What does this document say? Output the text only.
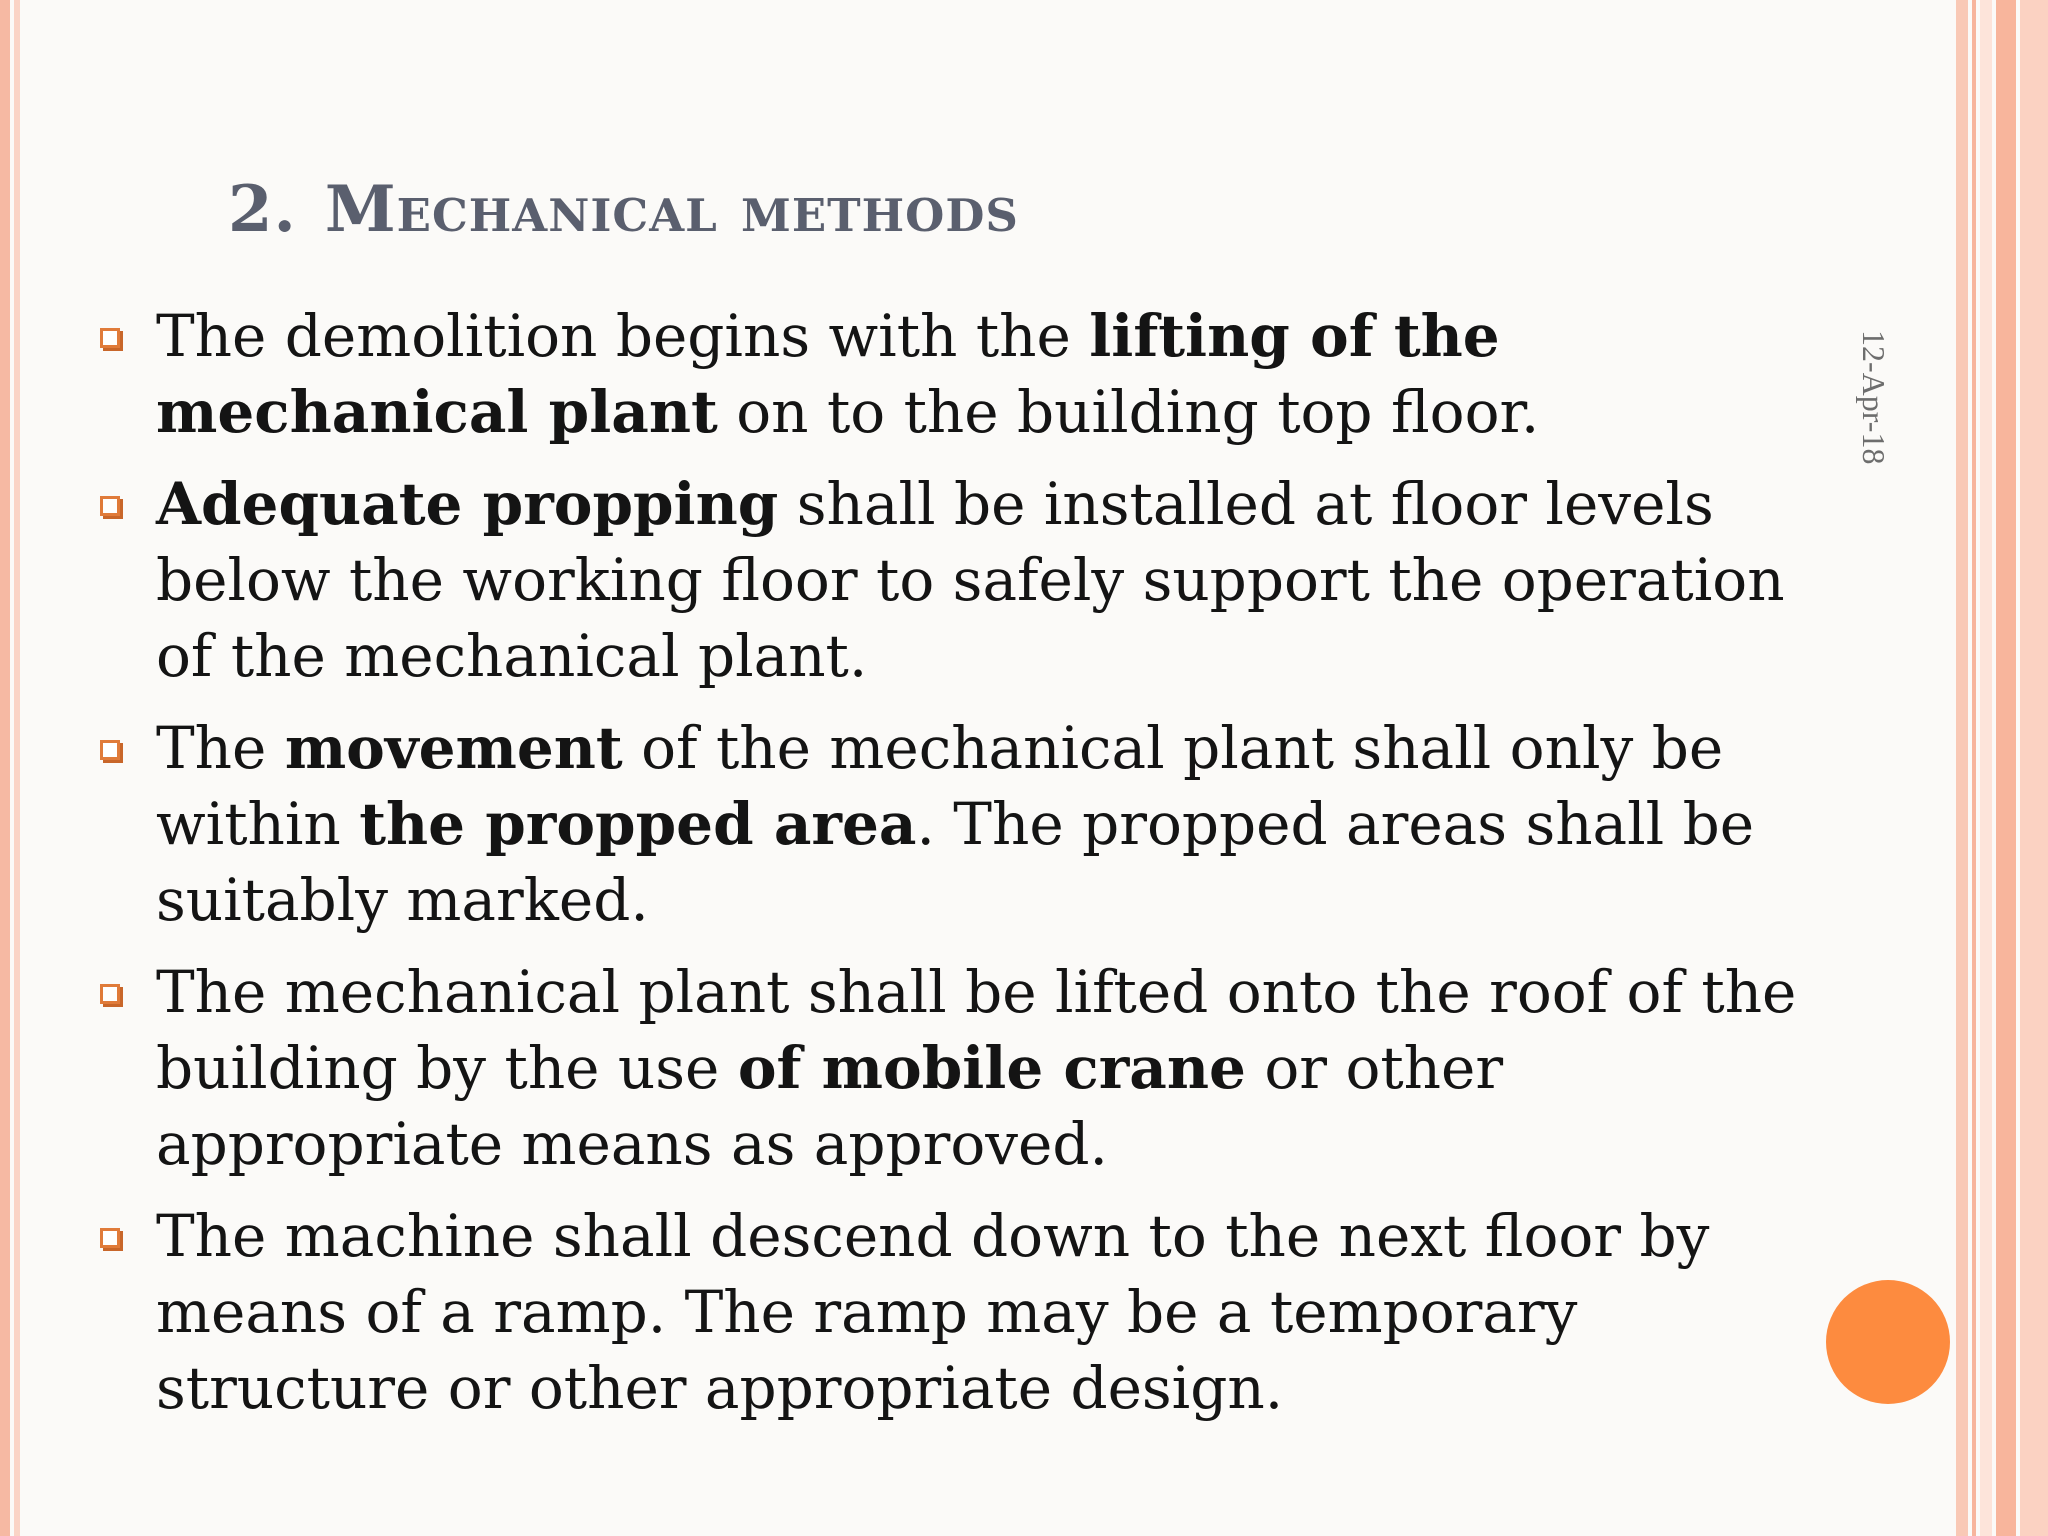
2. Mechanical methods
The demolition begins with the lifting of the mechanical plant on to the building top floor.
Adequate propping shall be installed at floor levels below the working floor to safely support the operation of the mechanical plant.
The movement of the mechanical plant shall only be within the propped area. The propped areas shall be suitably marked.
The mechanical plant shall be lifted onto the roof of the building by the use of mobile crane or other appropriate means as approved.
The machine shall descend down to the next floor by means of a ramp. The ramp may be a temporary structure or other appropriate design.
12-Apr-18
